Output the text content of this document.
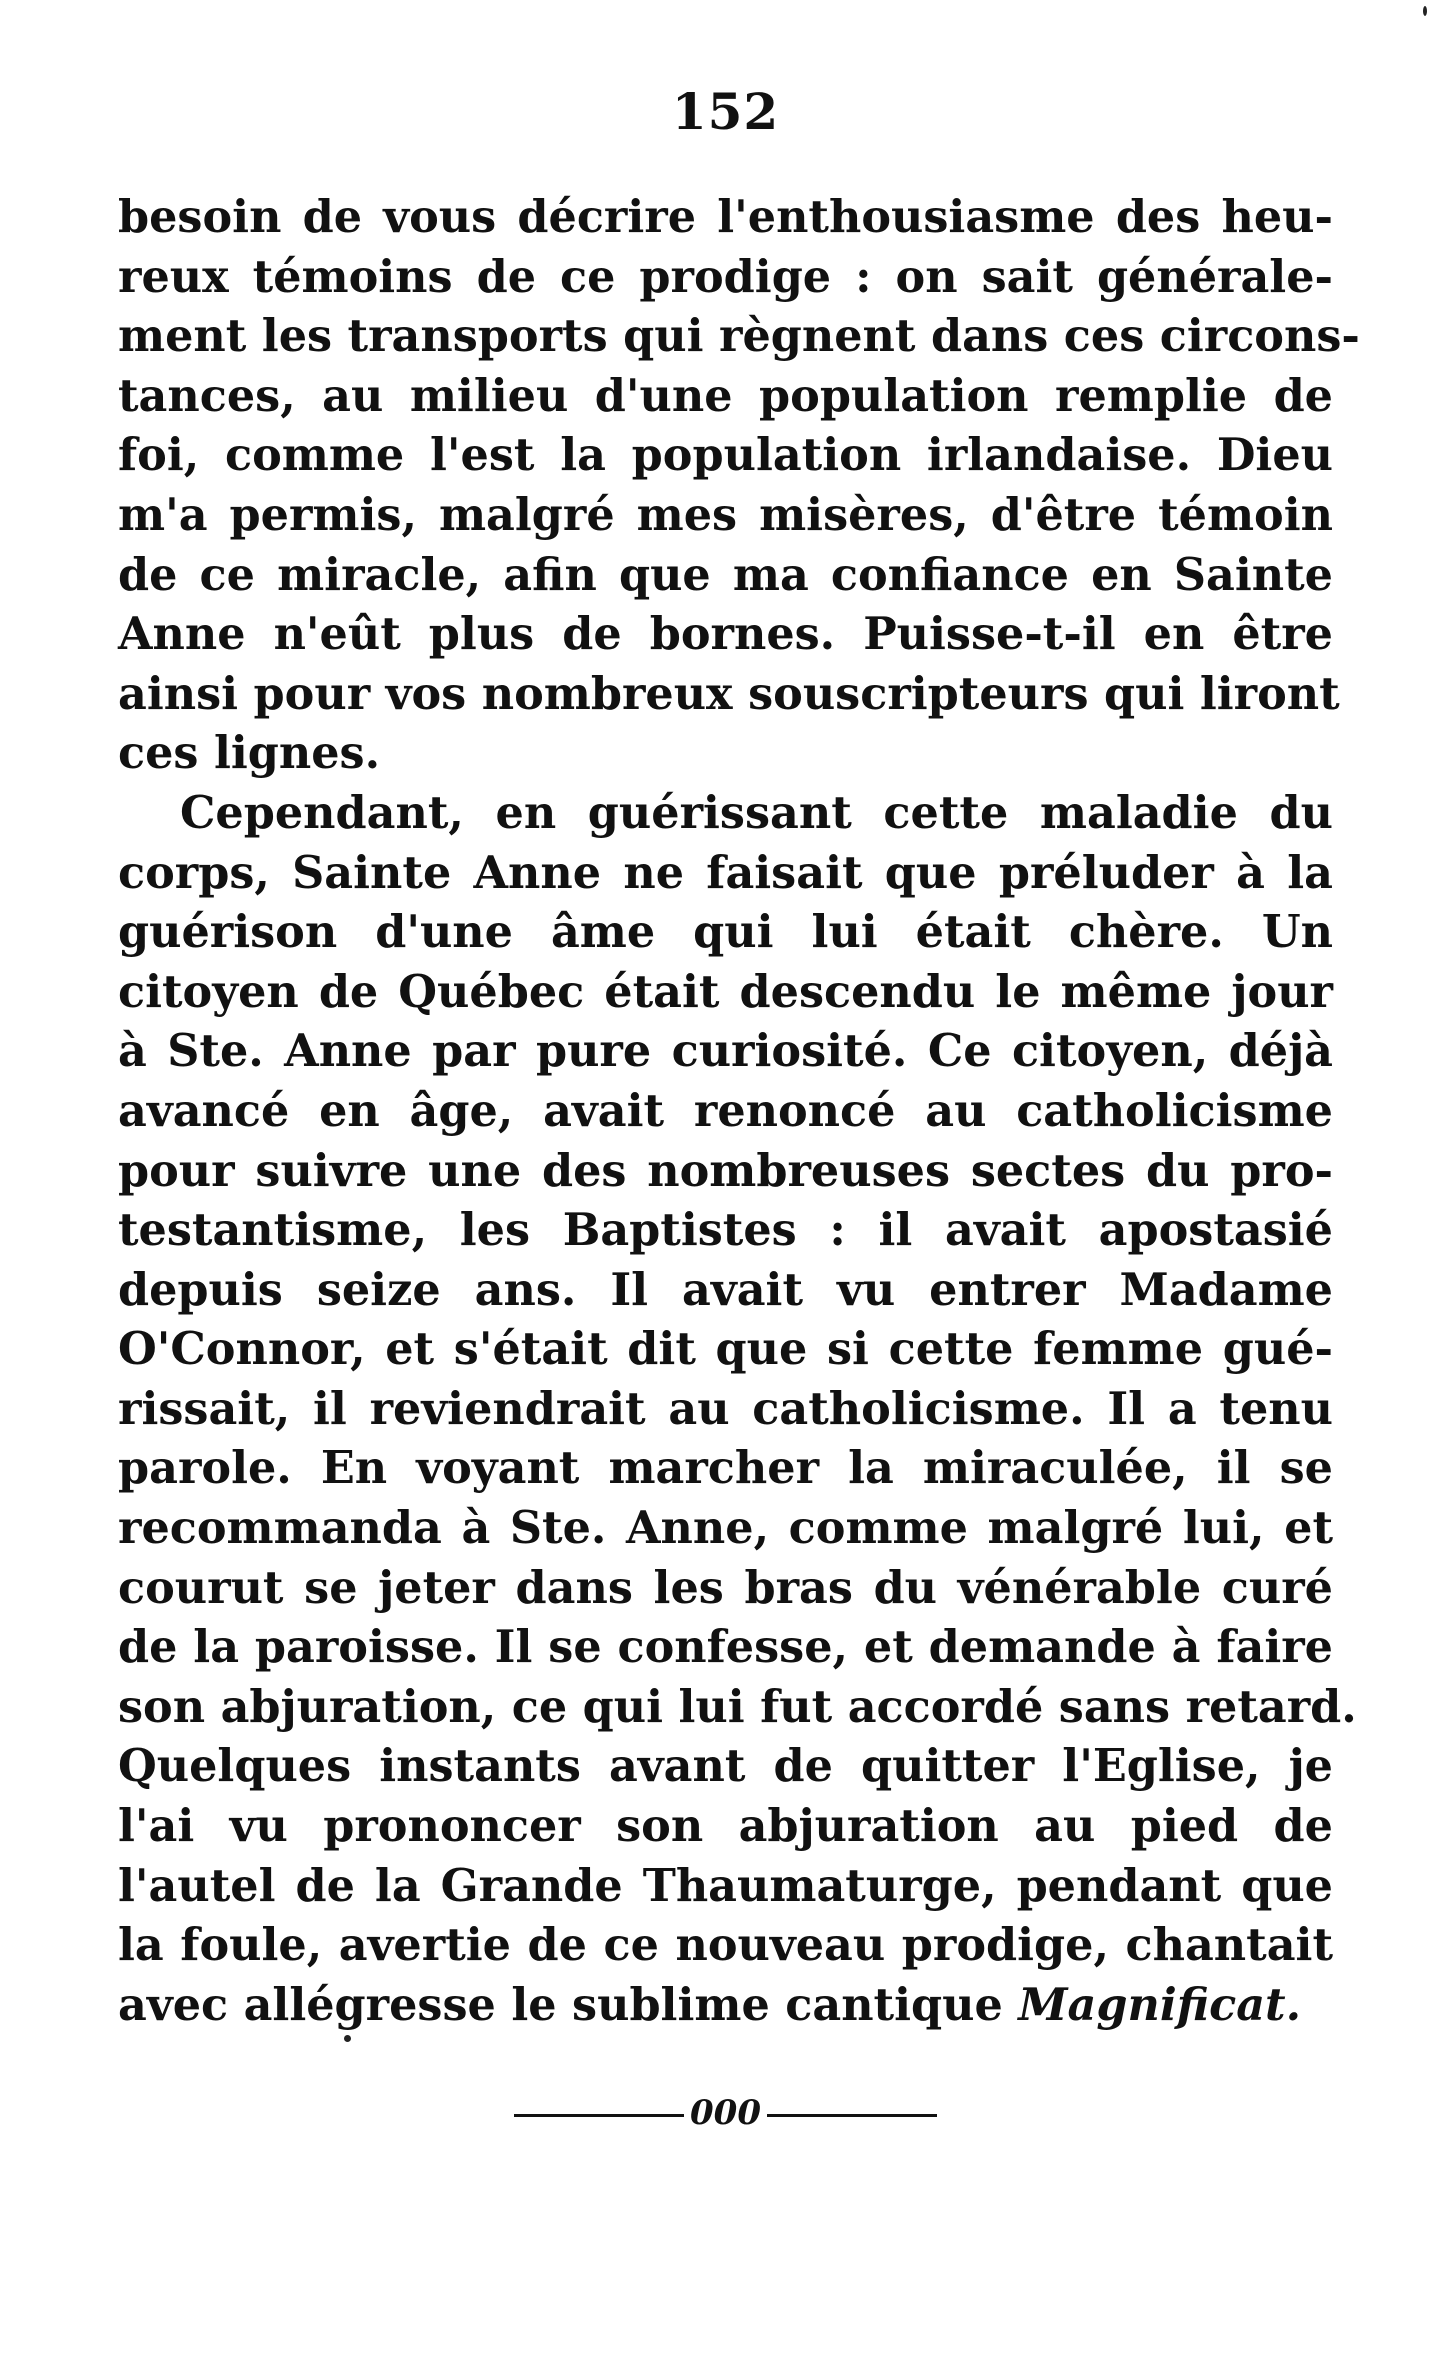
152
besoin de vous décrire l'enthousiasme des heu-
reux témoins de ce prodige : on sait générale-
ment les transports qui règnent dans ces circons-
tances, au milieu d'une population remplie de
foi, comme l'est la population irlandaise. Dieu
m'a permis, malgré mes misères, d'être témoin
de ce miracle, afin que ma confiance en Sainte
Anne n'eût plus de bornes. Puisse-t-il en être
ainsi pour vos nombreux souscripteurs qui liront
ces lignes.
Cependant, en guérissant cette maladie du
corps, Sainte Anne ne faisait que préluder à la
guérison d'une âme qui lui était chère. Un
citoyen de Québec était descendu le même jour
à Ste. Anne par pure curiosité. Ce citoyen, déjà
avancé en âge, avait renoncé au catholicisme
pour suivre une des nombreuses sectes du pro-
testantisme, les Baptistes : il avait apostasié
depuis seize ans. Il avait vu entrer Madame
O'Connor, et s'était dit que si cette femme gué-
rissait, il reviendrait au catholicisme. Il a tenu
parole. En voyant marcher la miraculée, il se
recommanda à Ste. Anne, comme malgré lui, et
courut se jeter dans les bras du vénérable curé
de la paroisse. Il se confesse, et demande à faire
son abjuration, ce qui lui fut accordé sans retard.
Quelques instants avant de quitter l'Eglise, je
l'ai vu prononcer son abjuration au pied de
l'autel de la Grande Thaumaturge, pendant que
la foule, avertie de ce nouveau prodige, chantait
avec allégresse le sublime cantique Magnificat.
000
